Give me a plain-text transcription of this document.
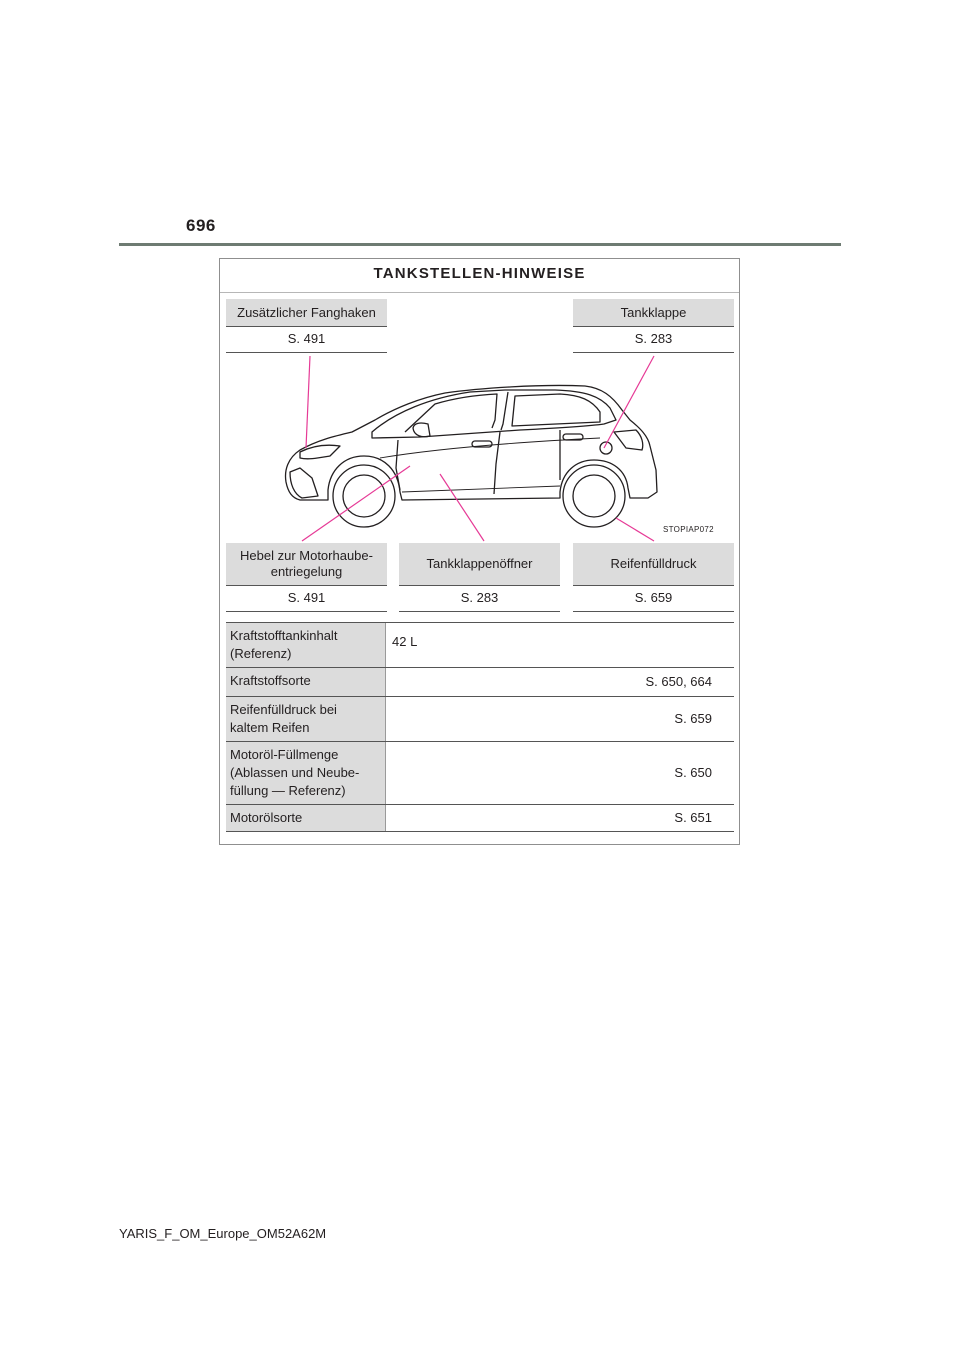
696
TANKSTELLEN-HINWEISE
Zusätzlicher Fanghaken
S. 491
Tankklappe
S. 283
Hebel zur Motorhaube-
entriegelung
S. 491
Tankklappenöffner
S. 283
Reifenfülldruck
S. 659
STOPIAP072
Kraftstofftankinhalt
(Referenz)
42 L
Kraftstoffsorte	S. 650, 664
Reifenfülldruck bei
kaltem Reifen
S. 659
Motoröl-Füllmenge
(Ablassen und Neube-
füllung — Referenz)
S. 650
Motorölsorte	S. 651
YARIS_F_OM_Europe_OM52A62M
